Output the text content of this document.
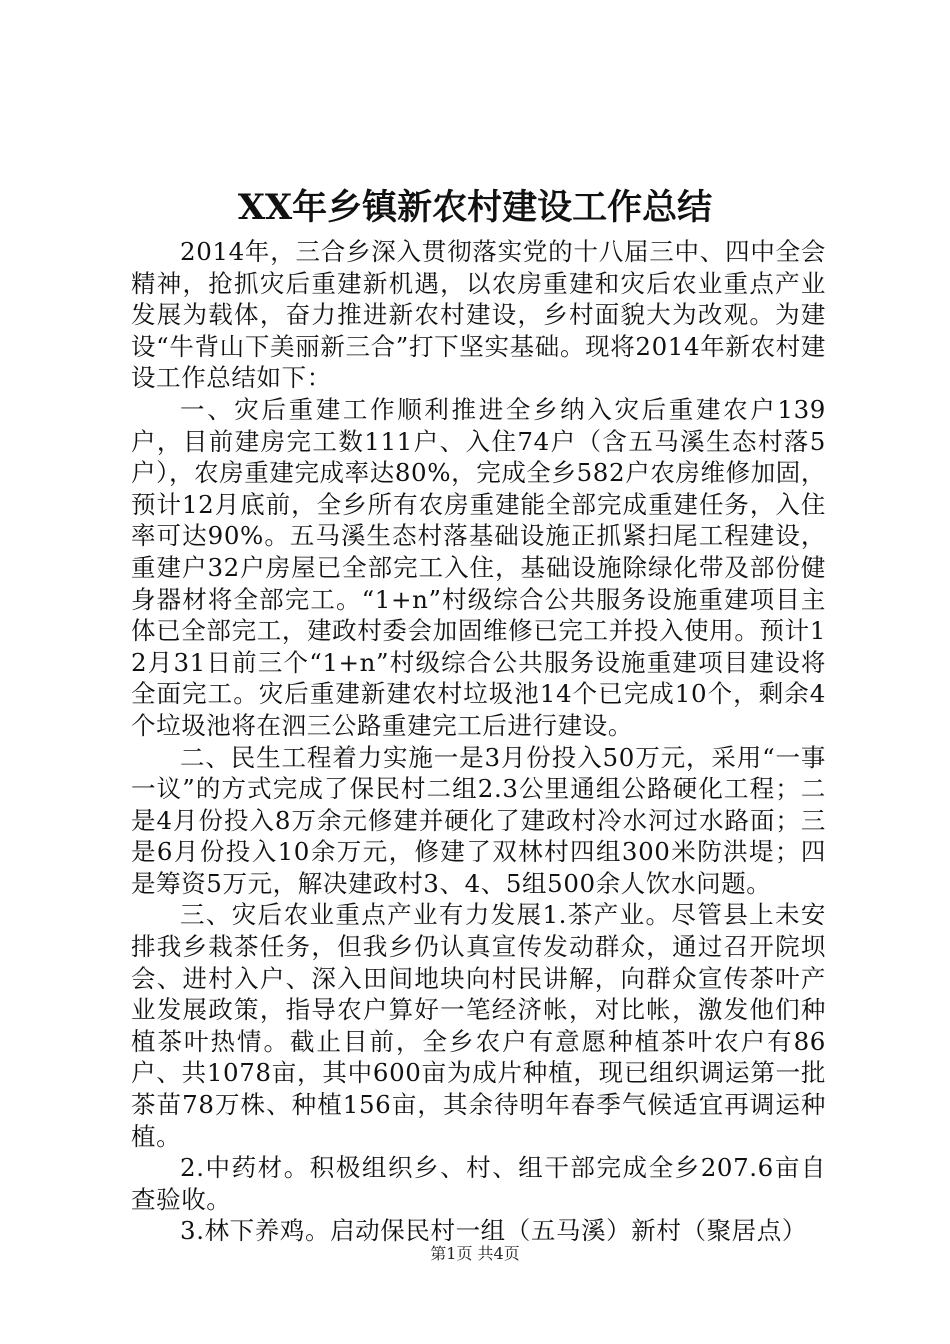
XX年乡镇新农村建设工作总结

2014年，三合乡深入贯彻落实党的十八届三中、四中全会精神，抢抓灾后重建新机遇，以农房重建和灾后农业重点产业发展为载体，奋力推进新农村建设，乡村面貌大为改观。为建设“牛背山下美丽新三合”打下坚实基础。现将2014年新农村建设工作总结如下：

一、灾后重建工作顺利推进全乡纳入灾后重建农户139户，目前建房完工数111户、入住74户（含五马溪生态村落5户），农房重建完成率达80%，完成全乡582户农房维修加固，预计12月底前，全乡所有农房重建能全部完成重建任务，入住率可达90%。五马溪生态村落基础设施正抓紧扫尾工程建设，重建户32户房屋已全部完工入住，基础设施除绿化带及部份健身器材将全部完工。“1+n”村级综合公共服务设施重建项目主体已全部完工，建政村委会加固维修已完工并投入使用。预计12月31日前三个“1+n”村级综合公共服务设施重建项目建设将全面完工。灾后重建新建农村垃圾池14个已完成10个，剩余4个垃圾池将在泗三公路重建完工后进行建设。

二、民生工程着力实施一是3月份投入50万元，采用“一事一议”的方式完成了保民村二组2.3公里通组公路硬化工程；二是4月份投入8万余元修建并硬化了建政村冷水河过水路面；三是6月份投入10余万元，修建了双林村四组300米防洪堤；四是筹资5万元，解决建政村3、4、5组500余人饮水问题。

三、灾后农业重点产业有力发展1.茶产业。尽管县上未安排我乡栽茶任务，但我乡仍认真宣传发动群众，通过召开院坝会、进村入户、深入田间地块向村民讲解，向群众宣传茶叶产业发展政策，指导农户算好一笔经济帐，对比帐，激发他们种植茶叶热情。截止目前，全乡农户有意愿种植茶叶农户有86户、共1078亩，其中600亩为成片种植，现已组织调运第一批茶苗78万株、种植156亩，其余待明年春季气候适宜再调运种植。

2.中药材。积极组织乡、村、组干部完成全乡207.6亩自查验收。

3.林下养鸡。启动保民村一组（五马溪）新村（聚居点）

第1页 共4页
